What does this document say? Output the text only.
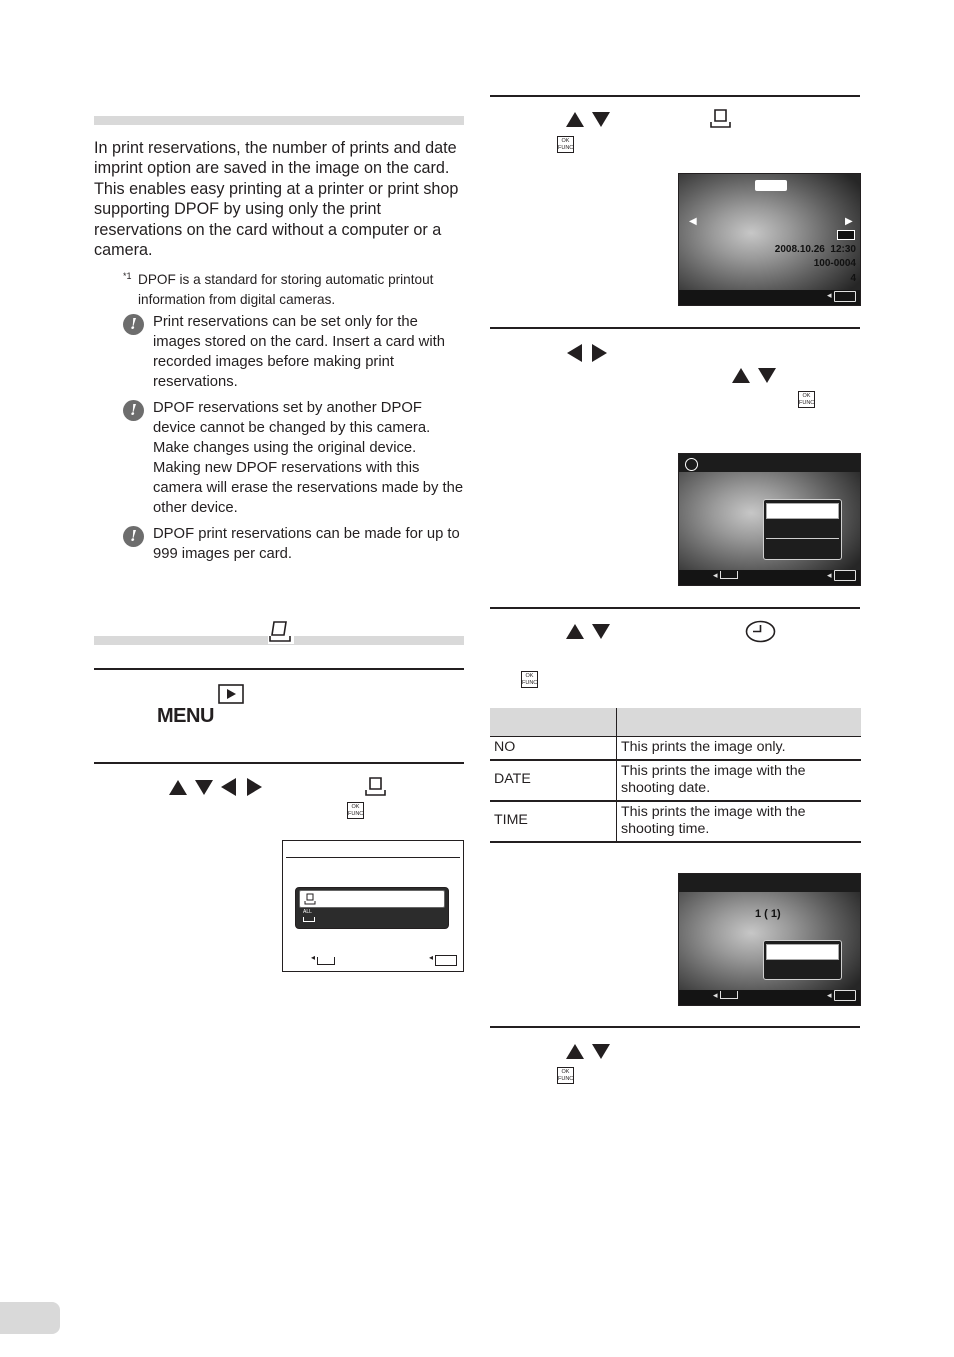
In print reservations, the number of prints and date imprint option are saved in the image on the card. This enables easy printing at a printer or print shop supporting DPOF by using only the print reservations on the card without a computer or a camera.
*1 DPOF is a standard for storing automatic printout information from digital cameras.
!	Print reservations can be set only for the images stored on the card. Insert a card with recorded images before making print reservations.
!	DPOF reservations set by another DPOF device cannot be changed by this camera. Make changes using the original device. Making new DPOF reservations with this camera will erase the reservations made by the other device.
!	DPOF print reservations can be made for up to 999 images per card.
MENU
OK
FUNC
ALL
◂	◂
OK
FUNC
◀	▶
2008.10.26 12:30
100-0004
4
◂
OK
FUNC
◂	◂
OK
FUNC

NO	This prints the image only.
DATE	This prints the image with the shooting date.
TIME	This prints the image with the shooting time.
1 ( 1)
◂	◂
OK
FUNC
